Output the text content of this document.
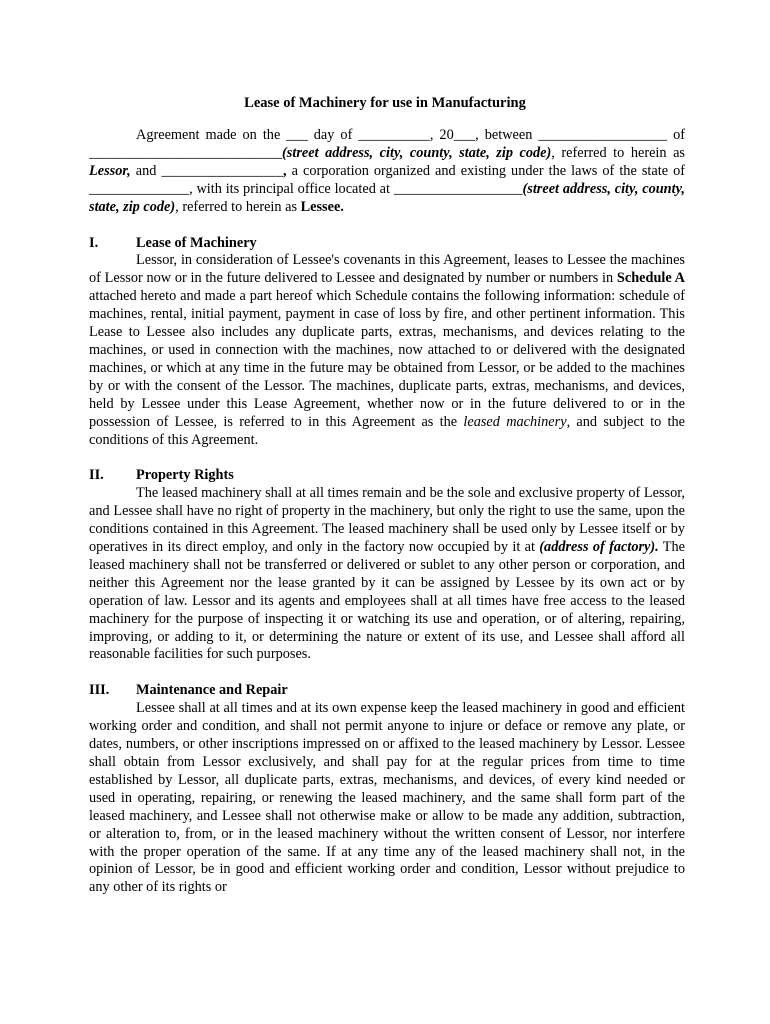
Lease of Machinery for use in Manufacturing

Agreement made on the ___ day of __________, 20___, between __________________ of ___________________________(street address, city, county, state, zip code), referred to herein as Lessor, and _________________, a corporation organized and existing under the laws of the state of ______________, with its principal office located at __________________(street address, city, county, state, zip code), referred to herein as Lessee.

I.	Lease of Machinery

Lessor, in consideration of Lessee's covenants in this Agreement, leases to Lessee the machines of Lessor now or in the future delivered to Lessee and designated by number or numbers in Schedule A attached hereto and made a part hereof which Schedule contains the following information: schedule of machines, rental, initial payment, payment in case of loss by fire, and other pertinent information. This Lease to Lessee also includes any duplicate parts, extras, mechanisms, and devices relating to the machines, or used in connection with the machines, now attached to or delivered with the designated machines, or which at any time in the future may be obtained from Lessor, or be added to the machines by or with the consent of the Lessor. The machines, duplicate parts, extras, mechanisms, and devices, held by Lessee under this Lease Agreement, whether now or in the future delivered to or in the possession of Lessee, is referred to in this Agreement as the leased machinery, and subject to the conditions of this Agreement.

II.	Property Rights

The leased machinery shall at all times remain and be the sole and exclusive property of Lessor, and Lessee shall have no right of property in the machinery, but only the right to use the same, upon the conditions contained in this Agreement. The leased machinery shall be used only by Lessee itself or by operatives in its direct employ, and only in the factory now occupied by it at (address of factory). The leased machinery shall not be transferred or delivered or sublet to any other person or corporation, and neither this Agreement nor the lease granted by it can be assigned by Lessee by its own act or by operation of law. Lessor and its agents and employees shall at all times have free access to the leased machinery for the purpose of inspecting it or watching its use and operation, or of altering, repairing, improving, or adding to it, or determining the nature or extent of its use, and Lessee shall afford all reasonable facilities for such purposes.

III.	Maintenance and Repair

Lessee shall at all times and at its own expense keep the leased machinery in good and efficient working order and condition, and shall not permit anyone to injure or deface or remove any plate, or dates, numbers, or other inscriptions impressed on or affixed to the leased machinery by Lessor. Lessee shall obtain from Lessor exclusively, and shall pay for at the regular prices from time to time established by Lessor, all duplicate parts, extras, mechanisms, and devices, of every kind needed or used in operating, repairing, or renewing the leased machinery, and the same shall form part of the leased machinery, and Lessee shall not otherwise make or allow to be made any addition, subtraction, or alteration to, from, or in the leased machinery without the written consent of Lessor, nor interfere with the proper operation of the same. If at any time any of the leased machinery shall not, in the opinion of Lessor, be in good and efficient working order and condition, Lessor without prejudice to any other of its rights or
